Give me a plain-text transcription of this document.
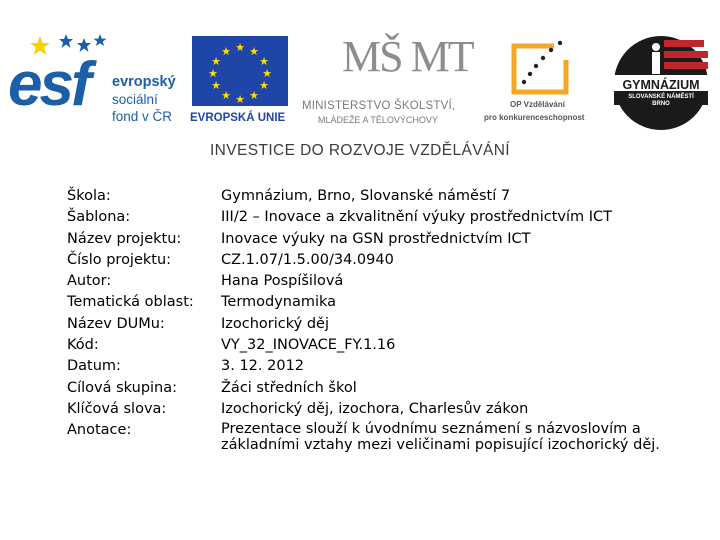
esf evropský
sociální
fond v ČR
★ ★
★
★
★
★
★
★
★
★
★
★
EVROPSKÁ UNIE
MŠ MT
MINISTERSTVO ŠKOLSTVÍ,
MLÁDEŽE A TĚLOVÝCHOVY
OP Vzdělávání
pro konkurenceschopnost
GYMNÁZIUM
SLOVANSKÉ NÁMĚSTÍ
BRNO
INVESTICE DO ROZVOJE VZDĚLÁVÁNÍ
Škola:	Gymnázium, Brno, Slovanské náměstí 7
Šablona:	III/2 – Inovace a zkvalitnění výuky prostřednictvím ICT
Název projektu:	Inovace výuky na GSN prostřednictvím ICT
Číslo projektu:	CZ.1.07/1.5.00/34.0940
Autor:	Hana Pospíšilová
Tematická oblast:	Termodynamika
Název DUMu:	Izochorický děj
Kód:	VY_32_INOVACE_FY.1.16
Datum:	3. 12. 2012
Cílová skupina:	Žáci středních škol
Klíčová slova:	Izochorický děj, izochora, Charlesův zákon
Anotace:	Prezentace slouží k úvodnímu seznámení s názvoslovím a základními vztahy mezi veličinami popisující izochorický děj.
